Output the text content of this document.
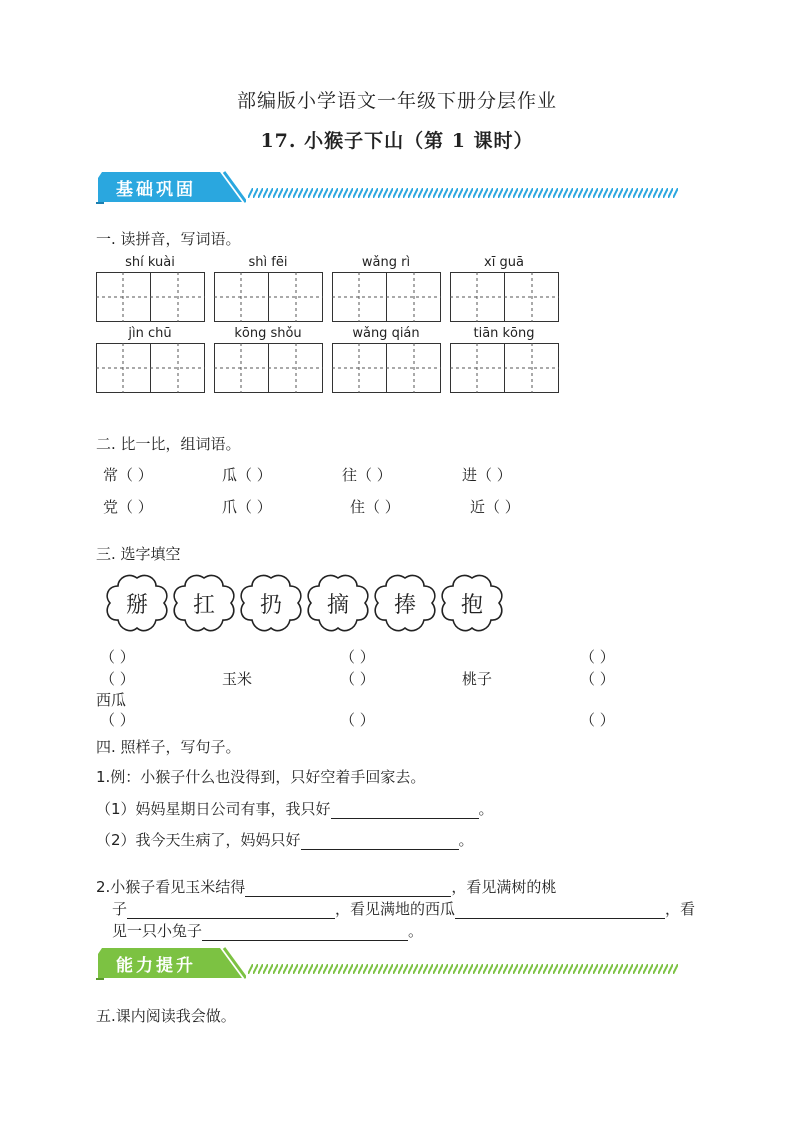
部编版小学语文一年级下册分层作业
17. 小猴子下山（第 1 课时）
基础巩固
一. 读拼音，写词语。
shí kuài	shì fēi	wǎng rì	xī guā
jìn chū	kōng shǒu	wǎng qián	tiān kōng
二. 比一比，组词语。
常（ ）	瓜（ ）	往（ ）	进（ ）
党（ ）	爪（ ）	住（ ）	近（ ）
三. 选字填空
掰	扛	扔	摘	捧	抱
（ ）	（ ）	（ ）
（ ）	玉米	（ ）	桃子	（ ）
西瓜
（ ）	（ ）	（ ）
四. 照样子，写句子。
1.例：小猴子什么也没得到，只好空着手回家去。
（1）妈妈星期日公司有事，我只好	。
（2）我今天生病了，妈妈只好	。
2.小猴子看见玉米结得	，看见满树的桃
子	，看见满地的西瓜	，看
见一只小兔子	。
能力提升
五.课内阅读我会做。
